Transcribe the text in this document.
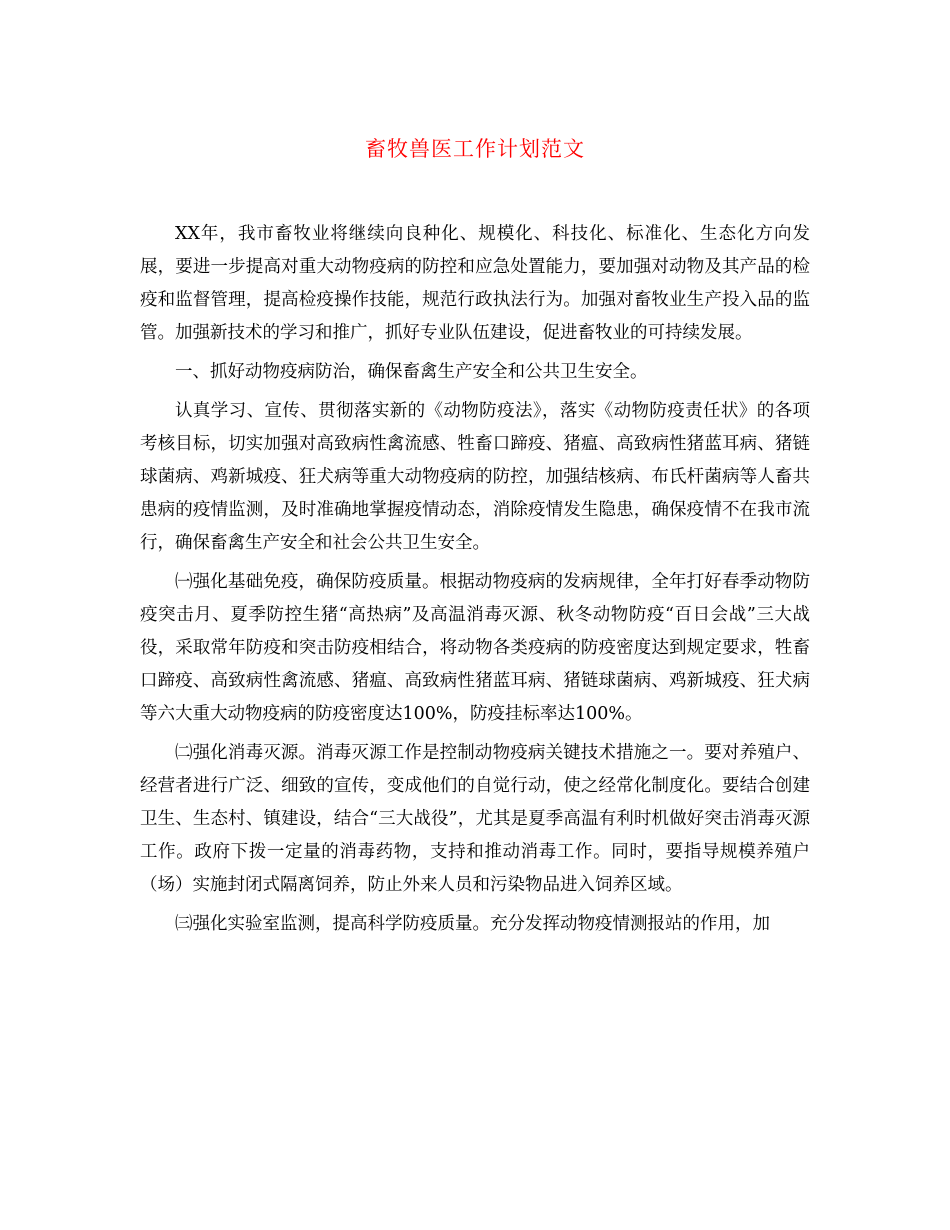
畜牧兽医工作计划范文

XX年，我市畜牧业将继续向良种化、规模化、科技化、标准化、生态化方向发展，要进一步提高对重大动物疫病的防控和应急处置能力，要加强对动物及其产品的检疫和监督管理，提高检疫操作技能，规范行政执法行为。加强对畜牧业生产投入品的监管。加强新技术的学习和推广，抓好专业队伍建设，促进畜牧业的可持续发展。

一、抓好动物疫病防治，确保畜禽生产安全和公共卫生安全。

认真学习、宣传、贯彻落实新的《动物防疫法》，落实《动物防疫责任状》的各项考核目标，切实加强对高致病性禽流感、牲畜口蹄疫、猪瘟、高致病性猪蓝耳病、猪链球菌病、鸡新城疫、狂犬病等重大动物疫病的防控，加强结核病、布氏杆菌病等人畜共患病的疫情监测，及时准确地掌握疫情动态，消除疫情发生隐患，确保疫情不在我市流行，确保畜禽生产安全和社会公共卫生安全。

㈠强化基础免疫，确保防疫质量。根据动物疫病的发病规律，全年打好春季动物防疫突击月、夏季防控生猪“高热病”及高温消毒灭源、秋冬动物防疫“百日会战”三大战役，采取常年防疫和突击防疫相结合，将动物各类疫病的防疫密度达到规定要求，牲畜口蹄疫、高致病性禽流感、猪瘟、高致病性猪蓝耳病、猪链球菌病、鸡新城疫、狂犬病等六大重大动物疫病的防疫密度达100%，防疫挂标率达100%。

㈡强化消毒灭源。消毒灭源工作是控制动物疫病关键技术措施之一。要对养殖户、经营者进行广泛、细致的宣传，变成他们的自觉行动，使之经常化制度化。要结合创建卫生、生态村、镇建设，结合“三大战役”，尤其是夏季高温有利时机做好突击消毒灭源工作。政府下拨一定量的消毒药物，支持和推动消毒工作。同时，要指导规模养殖户（场）实施封闭式隔离饲养，防止外来人员和污染物品进入饲养区域。

㈢强化实验室监测，提高科学防疫质量。充分发挥动物疫情测报站的作用，加
